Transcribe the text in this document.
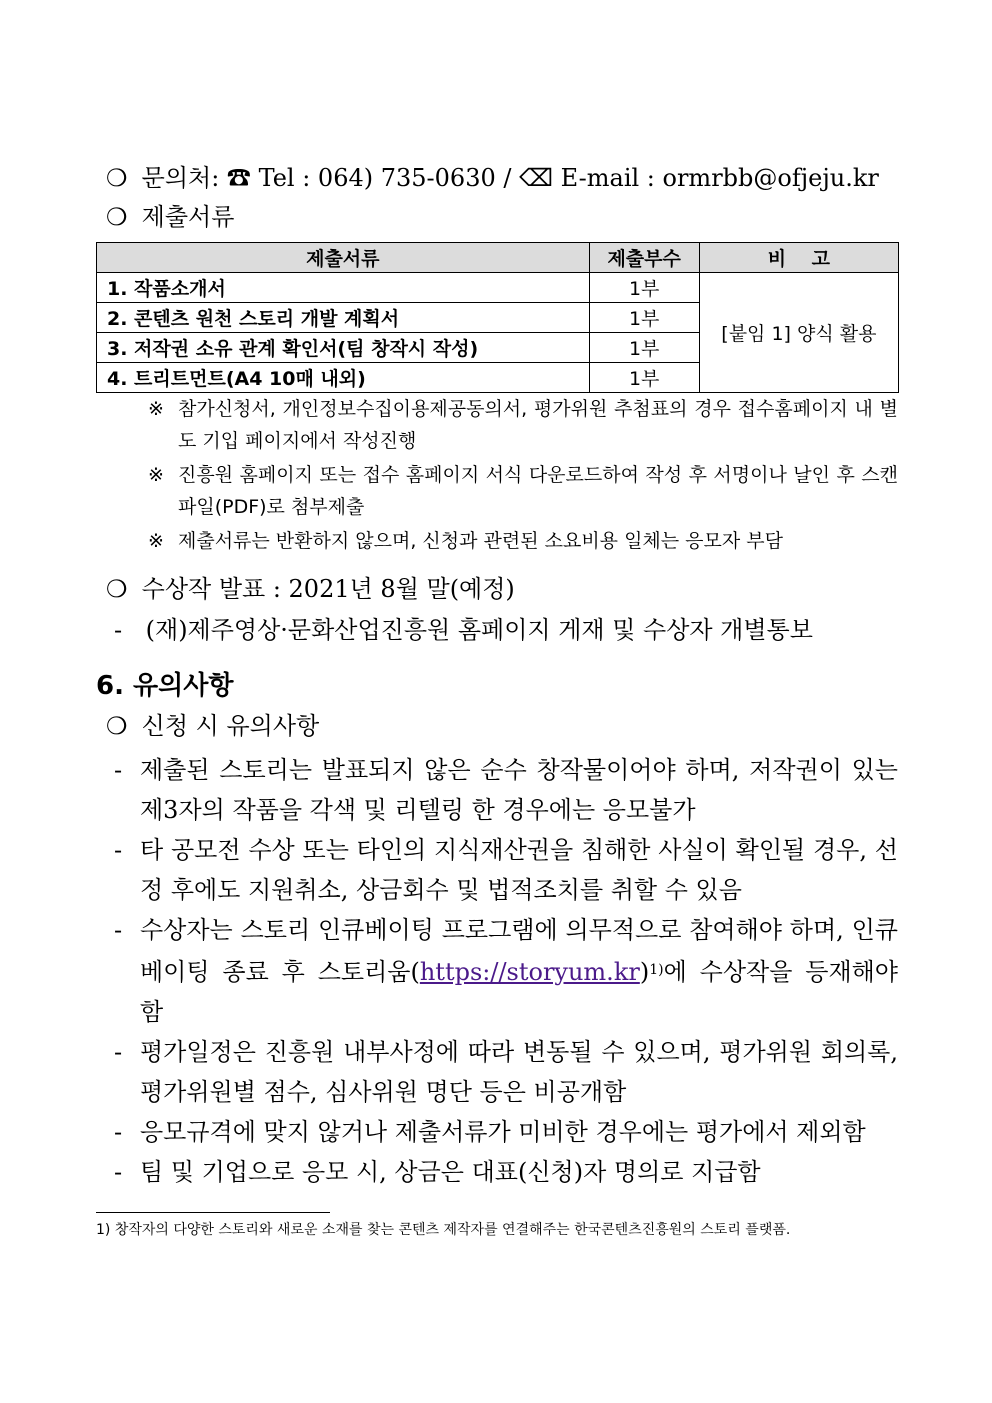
❍ 문의처: ☎ Tel : 064) 735-0630 / ⌫ E-mail : ormrbb@ofjeju.kr
❍ 제출서류
제출서류	제출부수	비　 고
1. 작품소개서	1부	[붙임 1] 양식 활용
2. 콘텐츠 원천 스토리 개발 계획서	1부	
3. 저작권 소유 관계 확인서(팀 창작시 작성)	1부	
4. 트리트먼트(A4 10매 내외)	1부	
※ 참가신청서, 개인정보수집이용제공동의서, 평가위원 추첨표의 경우 접수홈페이지 내 별도 기입 페이지에서 작성진행
※ 진흥원 홈페이지 또는 접수 홈페이지 서식 다운로드하여 작성 후 서명이나 날인 후 스캔파일(PDF)로 첨부제출
※ 제출서류는 반환하지 않으며, 신청과 관련된 소요비용 일체는 응모자 부담
❍ 수상작 발표 : 2021년 8월 말(예정)
- (재)제주영상·문화산업진흥원 홈페이지 게재 및 수상자 개별통보
6. 유의사항
❍ 신청 시 유의사항
- 제출된 스토리는 발표되지 않은 순수 창작물이어야 하며, 저작권이 있는 제3자의 작품을 각색 및 리텔링 한 경우에는 응모불가
- 타 공모전 수상 또는 타인의 지식재산권을 침해한 사실이 확인될 경우, 선정 후에도 지원취소, 상금회수 및 법적조치를 취할 수 있음
- 수상자는 스토리 인큐베이팅 프로그램에 의무적으로 참여해야 하며, 인큐베이팅 종료 후 스토리움(https://storyum.kr)$^{1)}$에 수상작을 등재해야 함
- 평가일정은 진흥원 내부사정에 따라 변동될 수 있으며, 평가위원 회의록, 평가위원별 점수, 심사위원 명단 등은 비공개함
- 응모규격에 맞지 않거나 제출서류가 미비한 경우에는 평가에서 제외함
- 팀 및 기업으로 응모 시, 상금은 대표(신청)자 명의로 지급함
1) 창작자의 다양한 스토리와 새로운 소재를 찾는 콘텐츠 제작자를 연결해주는 한국콘텐츠진흥원의 스토리 플랫폼.
